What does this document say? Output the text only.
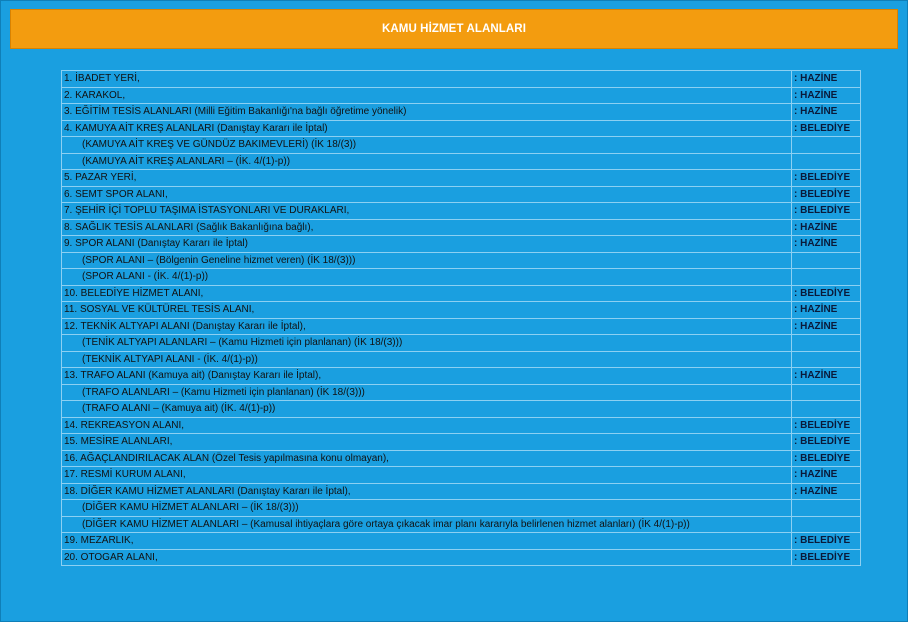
KAMU HİZMET ALANLARI
1. İBADET YERİ,	: HAZİNE
2. KARAKOL,	: HAZİNE
3. EĞİTİM TESİS ALANLARI (Milli Eğitim Bakanlığı'na bağlı öğretime yönelik)	: HAZİNE
4. KAMUYA AİT KREŞ ALANLARI (Danıştay Kararı ile İptal)	: BELEDİYE
(KAMUYA AİT KREŞ VE GÜNDÜZ BAKIMEVLERİ) (İK 18/(3))	
(KAMUYA AİT KREŞ ALANLARI – (İK. 4/(1)-p))	
5. PAZAR YERİ,	: BELEDİYE
6. SEMT SPOR ALANI,	: BELEDİYE
7. ŞEHİR İÇİ TOPLU TAŞIMA İSTASYONLARI VE DURAKLARI,	: BELEDİYE
8. SAĞLIK TESİS ALANLARI (Sağlık Bakanlığına bağlı),	: HAZİNE
9. SPOR ALANI (Danıştay Kararı ile İptal)	: HAZİNE
(SPOR ALANI – (Bölgenin Geneline hizmet veren) (İK 18/(3)))	
(SPOR ALANI - (İK. 4/(1)-p))	
10. BELEDİYE HİZMET ALANI,	: BELEDİYE
11. SOSYAL VE KÜLTÜREL TESİS ALANI,	: HAZİNE
12. TEKNİK ALTYAPI ALANI (Danıştay Kararı ile İptal),	: HAZİNE
(TENİK ALTYAPI ALANLARI – (Kamu Hizmeti için planlanan) (İK 18/(3)))	
(TEKNİK ALTYAPI ALANI - (İK. 4/(1)-p))	
13. TRAFO ALANI (Kamuya ait) (Danıştay Kararı ile İptal),	: HAZİNE
(TRAFO ALANLARI – (Kamu Hizmeti için planlanan) (İK 18/(3)))	
(TRAFO ALANI – (Kamuya ait) (İK. 4/(1)-p))	
14. REKREASYON ALANI,	: BELEDİYE
15. MESİRE ALANLARI,	: BELEDİYE
16. AĞAÇLANDIRILACAK ALAN (Özel Tesis yapılmasına konu olmayan),	: BELEDİYE
17. RESMİ KURUM ALANI,	: HAZİNE
18. DİĞER KAMU HİZMET ALANLARI (Danıştay Kararı ile İptal),	: HAZİNE
(DİĞER KAMU HİZMET ALANLARI – (İK 18/(3)))	
(DİĞER KAMU HİZMET ALANLARI – (Kamusal ihtiyaçlara göre ortaya çıkacak imar planı kararıyla belirlenen hizmet alanları) (İK 4/(1)-p))	
19. MEZARLIK,	: BELEDİYE
20. OTOGAR ALANI,	: BELEDİYE
